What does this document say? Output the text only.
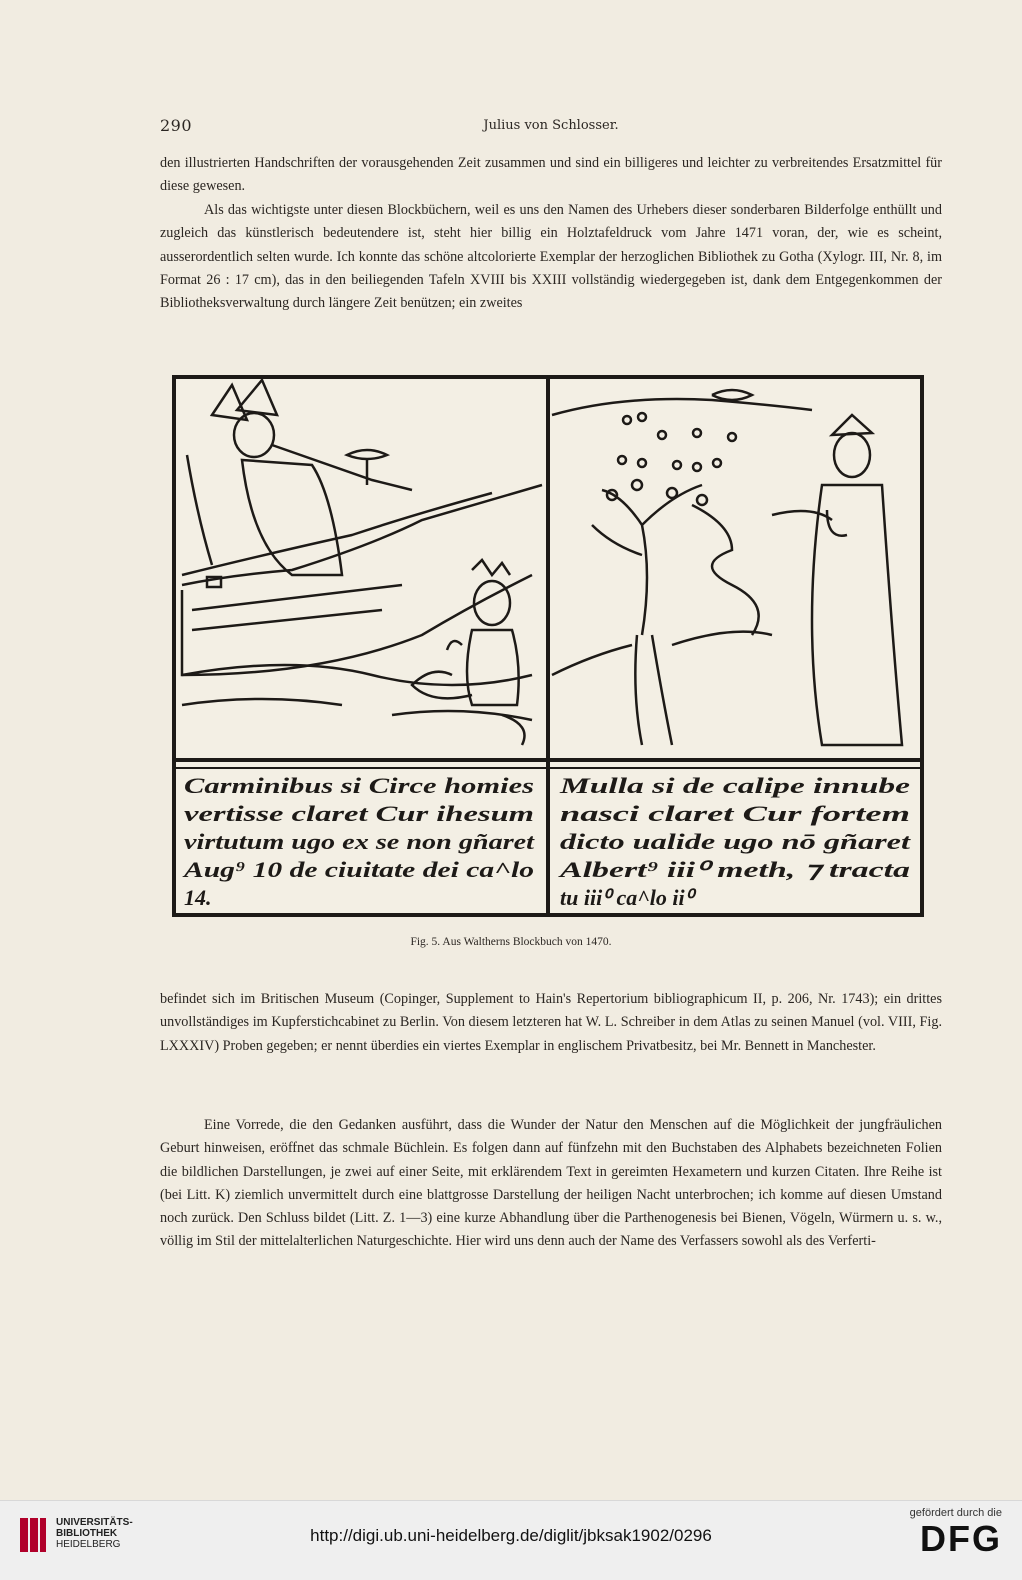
290	Julius von Schlosser.

den illustrierten Handschriften der vorausgehenden Zeit zusammen und sind ein billigeres und leichter zu verbreitendes Ersatzmittel für diese gewesen.

Als das wichtigste unter diesen Blockbüchern, weil es uns den Namen des Urhebers dieser sonderbaren Bilderfolge enthüllt und zugleich das künstlerisch bedeutendere ist, steht hier billig ein Holztafeldruck vom Jahre 1471 voran, der, wie es scheint, ausserordentlich selten wurde. Ich konnte das schöne altcolorierte Exemplar der herzoglichen Bibliothek zu Gotha (Xylogr. III, Nr. 8, im Format 26 : 17 cm), das in den beiliegenden Tafeln XVIII bis XXIII vollständig wiedergegeben ist, dank dem Entgegenkommen der Bibliotheksverwaltung durch längere Zeit benützen; ein zweites

Carminibus si Circe homies
vertisse claret Cur ihesum
virtutum ugo ex se non gñaret
Aug⁹ 10 de ciuitate dei ca^lo
14.
Mulla si de calipe innube
nasci claret Cur fortem
dicto ualide ugo nō gñaret
Albert⁹ iii⁰ meth, ⁊ tracta
tu iii⁰ ca^lo ii⁰
Fig. 5. Aus Waltherns Blockbuch von 1470.

befindet sich im Britischen Museum (Copinger, Supplement to Hain's Repertorium bibliographicum II, p. 206, Nr. 1743); ein drittes unvollständiges im Kupferstichcabinet zu Berlin. Von diesem letzteren hat W. L. Schreiber in dem Atlas zu seinen Manuel (vol. VIII, Fig. LXXXIV) Proben gegeben; er nennt überdies ein viertes Exemplar in englischem Privatbesitz, bei Mr. Bennett in Manchester.

Eine Vorrede, die den Gedanken ausführt, dass die Wunder der Natur den Menschen auf die Möglichkeit der jungfräulichen Geburt hinweisen, eröffnet das schmale Büchlein. Es folgen dann auf fünfzehn mit den Buchstaben des Alphabets bezeichneten Folien die bildlichen Darstellungen, je zwei auf einer Seite, mit erklärendem Text in gereimten Hexametern und kurzen Citaten. Ihre Reihe ist (bei Litt. K) ziemlich unvermittelt durch eine blattgrosse Darstellung der heiligen Nacht unterbrochen; ich komme auf diesen Umstand noch zurück. Den Schluss bildet (Litt. Z. 1—3) eine kurze Abhandlung über die Parthenogenesis bei Bienen, Vögeln, Würmern u. s. w., völlig im Stil der mittelalterlichen Naturgeschichte. Hier wird uns denn auch der Name des Verfassers sowohl als des Verferti-

UNIVERSITÄTS-
BIBLIOTHEK
HEIDELBERG	http://digi.ub.uni-heidelberg.de/diglit/jbksak1902/0296
gefördert durch die
DFG
